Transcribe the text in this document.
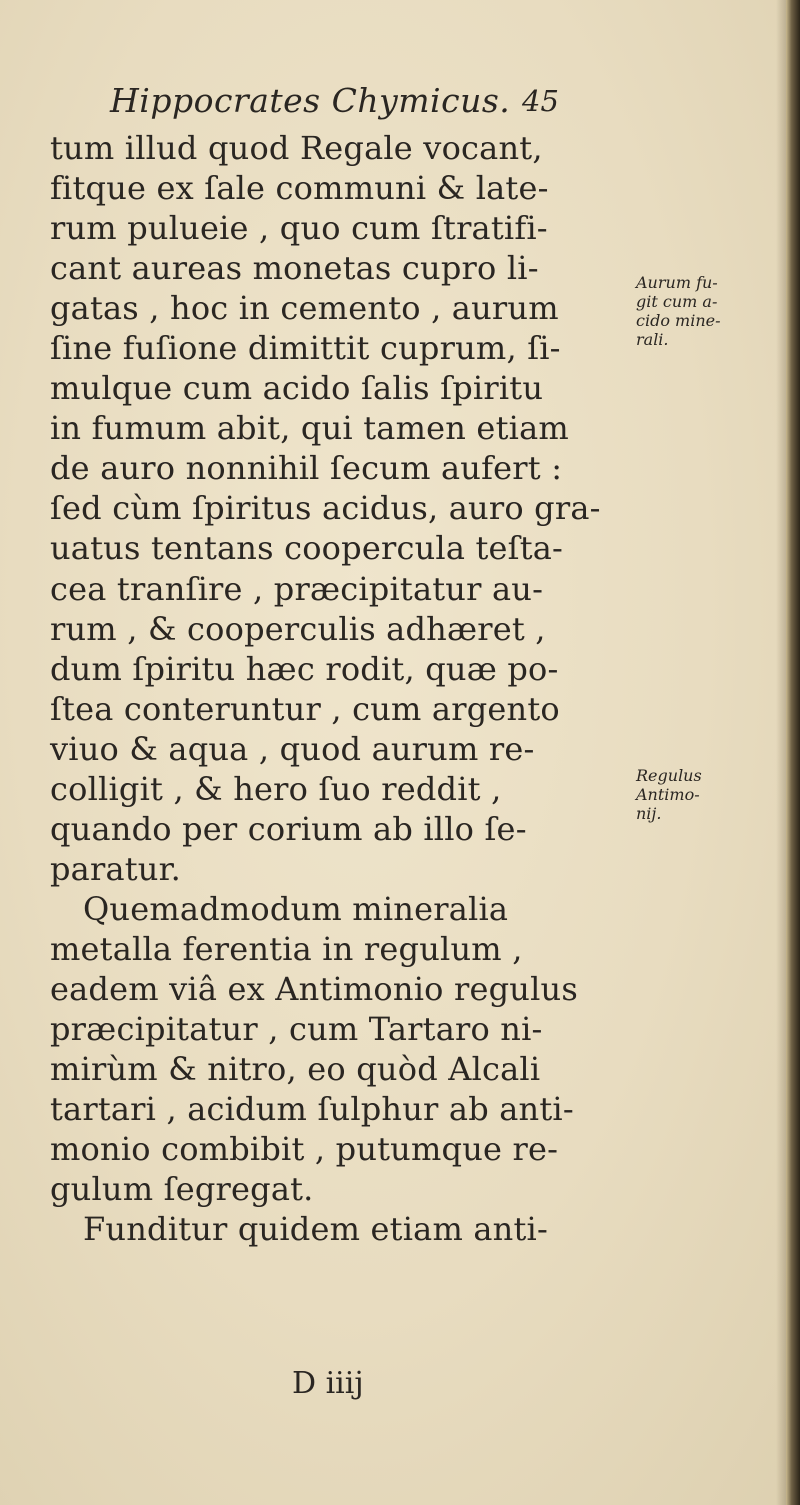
Hippocrates Chymicus. 45
tum illud quod Regale vocant,
fitque ex ſale communi & late-
rum pulueie , quo cum ſtratifi-
cant aureas monetas cupro li-
gatas , hoc in cemento , aurum
ſine fuſione dimittit cuprum, ſi-
mulque cum acido ſalis ſpiritu
in fumum abit, qui tamen etiam
de auro nonnihil ſecum aufert :
ſed cùm ſpiritus acidus, auro gra-
uatus tentans coopercula teſta-
cea tranſire , præcipitatur au-
rum , & cooperculis adhæret ,
dum ſpiritu hæc rodit, quæ po-
ſtea conteruntur , cum argento
viuo & aqua , quod aurum re-
colligit , & hero ſuo reddit ,
quando per corium ab illo ſe-
paratur.
Quemadmodum mineralia
metalla ferentia in regulum ,
eadem viâ ex Antimonio regulus
præcipitatur , cum Tartaro ni-
mirùm & nitro, eo quòd Alcali
tartari , acidum ſulphur ab anti-
monio combibit , putumque re-
gulum ſegregat.
Funditur quidem etiam anti-
Aurum fu-
git cum a-
cido mine-
rali.
Regulus
Antimo-
nij.
D iiij
